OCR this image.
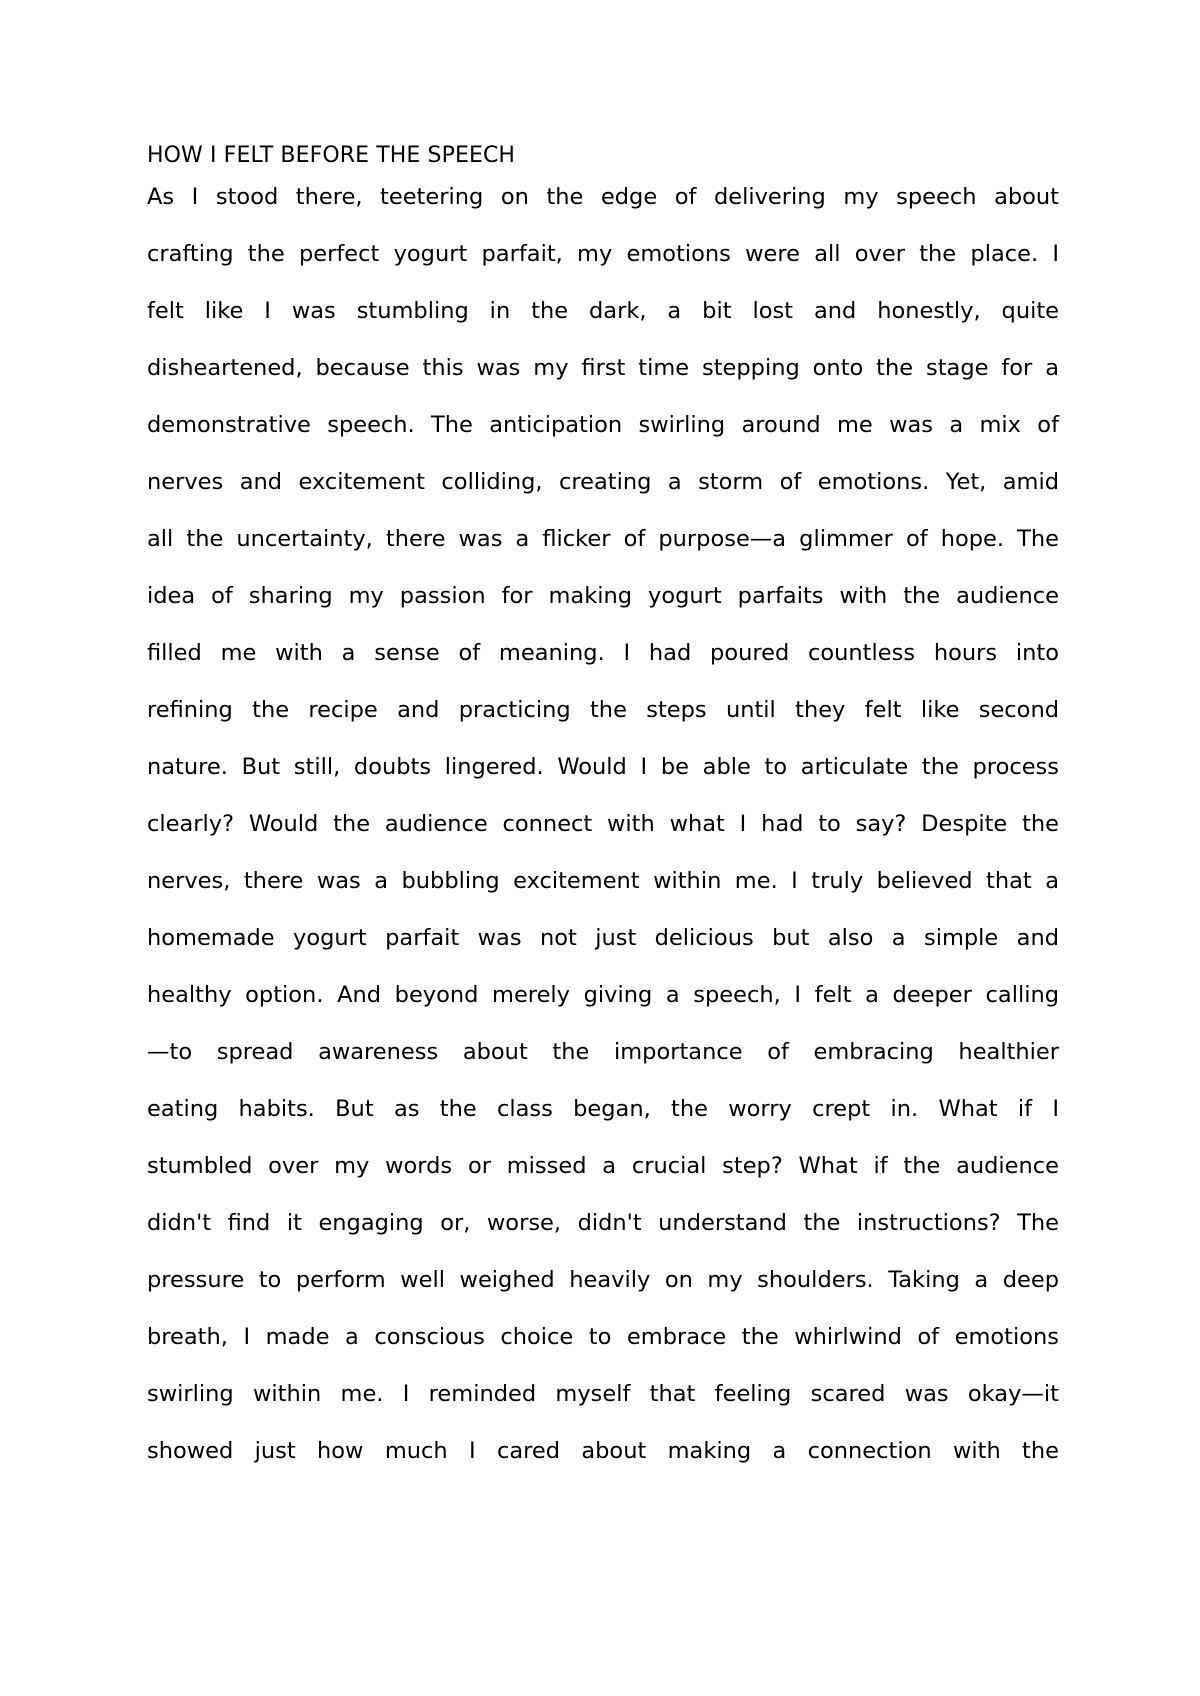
HOW I FELT BEFORE THE SPEECH
As I stood there, teetering on the edge of delivering my speech about
crafting the perfect yogurt parfait, my emotions were all over the place. I
felt like I was stumbling in the dark, a bit lost and honestly, quite
disheartened, because this was my first time stepping onto the stage for a
demonstrative speech. The anticipation swirling around me was a mix of
nerves and excitement colliding, creating a storm of emotions. Yet, amid
all the uncertainty, there was a flicker of purpose—a glimmer of hope. The
idea of sharing my passion for making yogurt parfaits with the audience
filled me with a sense of meaning. I had poured countless hours into
refining the recipe and practicing the steps until they felt like second
nature. But still, doubts lingered. Would I be able to articulate the process
clearly? Would the audience connect with what I had to say? Despite the
nerves, there was a bubbling excitement within me. I truly believed that a
homemade yogurt parfait was not just delicious but also a simple and
healthy option. And beyond merely giving a speech, I felt a deeper calling
—to spread awareness about the importance of embracing healthier
eating habits. But as the class began, the worry crept in. What if I
stumbled over my words or missed a crucial step? What if the audience
didn't find it engaging or, worse, didn't understand the instructions? The
pressure to perform well weighed heavily on my shoulders. Taking a deep
breath, I made a conscious choice to embrace the whirlwind of emotions
swirling within me. I reminded myself that feeling scared was okay—it
showed just how much I cared about making a connection with the
